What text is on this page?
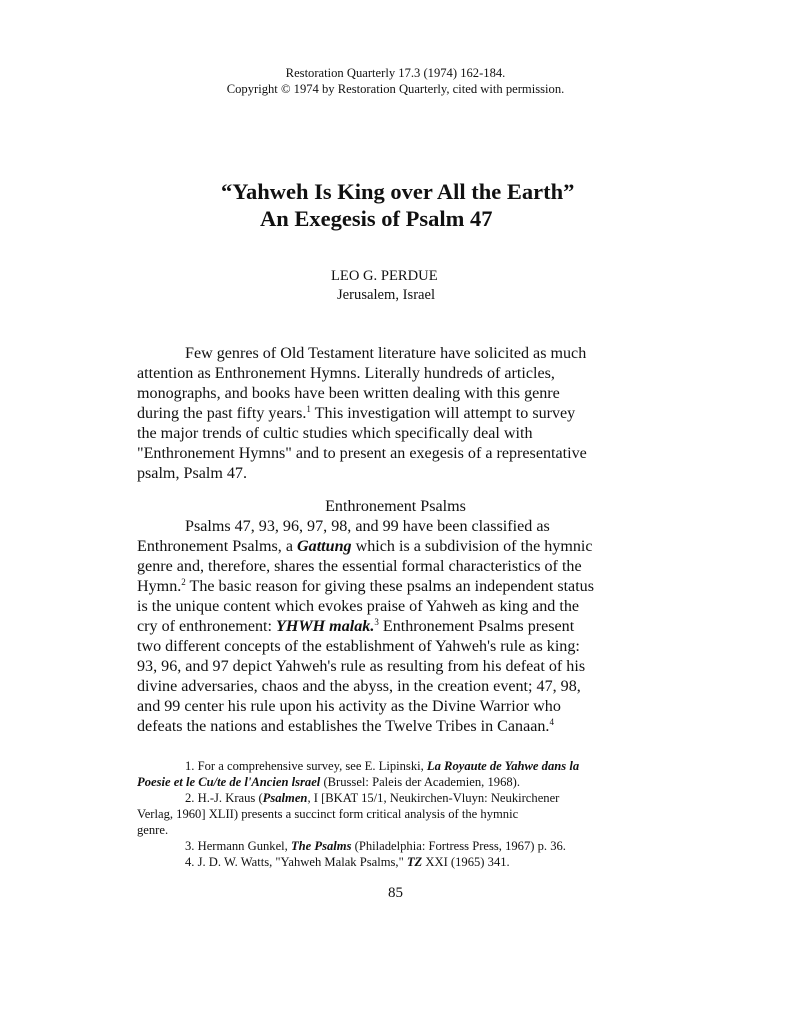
Restoration Quarterly 17.3 (1974) 162-184.
Copyright © 1974 by Restoration Quarterly, cited with permission.
“Yahweh Is King over All the Earth”
An Exegesis of Psalm 47
LEO G. PERDUE
Jerusalem, Israel
Few genres of Old Testament literature have solicited as much
attention as Enthronement Hymns. Literally hundreds of articles,
monographs, and books have been written dealing with this genre
during the past fifty years.$^1$ This investigation will attempt to survey
the major trends of cultic studies which specifically deal with
"Enthronement Hymns" and to present an exegesis of a representative
psalm, Psalm 47.
Enthronement Psalms
Psalms 47, 93, 96, 97, 98, and 99 have been classified as
Enthronement Psalms, a Gattung which is a subdivision of the hymnic
genre and, therefore, shares the essential formal characteristics of the
Hymn.$^2$ The basic reason for giving these psalms an independent status
is the unique content which evokes praise of Yahweh as king and the
cry of enthronement: YHWH malak.$^3$ Enthronement Psalms present
two different concepts of the establishment of Yahweh's rule as king:
93, 96, and 97 depict Yahweh's rule as resulting from his defeat of his
divine adversaries, chaos and the abyss, in the creation event; 47, 98,
and 99 center his rule upon his activity as the Divine Warrior who
defeats the nations and establishes the Twelve Tribes in Canaan.$^4$
1. For a comprehensive survey, see E. Lipinski, La Royaute de Yahwe dans la
Poesie et le Cu/te de l'Ancien lsrael (Brussel: Paleis der Academien, 1968).
2. H.-J. Kraus (Psalmen, I [BKAT 15/1, Neukirchen-Vluyn: Neukirchener
Verlag, 1960] XLII) presents a succinct form critical analysis of the hymnic
genre.
3. Hermann Gunkel, The Psalms (Philadelphia: Fortress Press, 1967) p. 36.
4. J. D. W. Watts, "Yahweh Malak Psalms," TZ XXI (1965) 341.
85
